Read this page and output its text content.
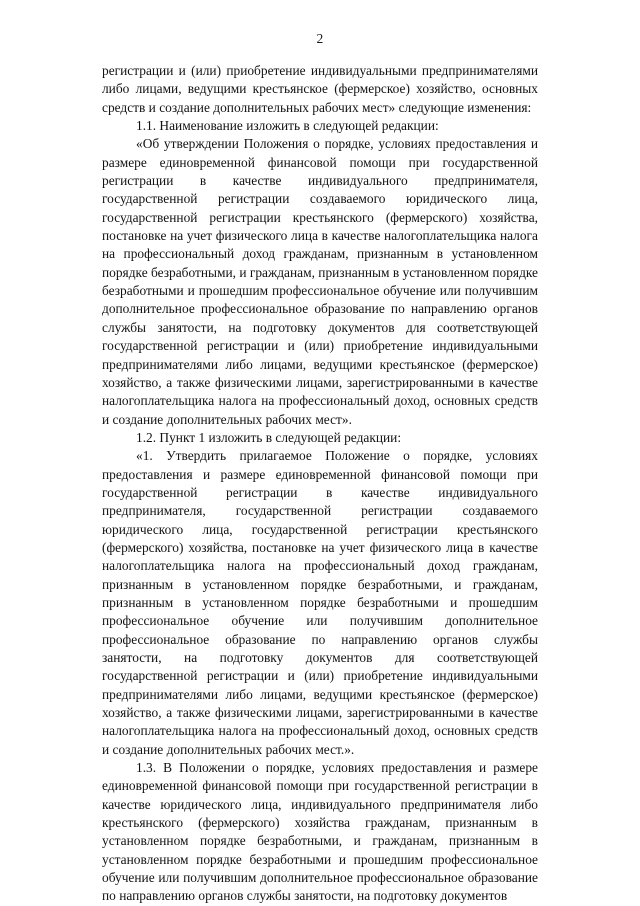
2

регистрации и (или) приобретение индивидуальными предпринимателями либо лицами, ведущими крестьянское (фермерское) хозяйство, основных средств и создание дополнительных рабочих мест» следующие изменения:

1.1. Наименование изложить в следующей редакции:

«Об утверждении Положения о порядке, условиях предоставления и размере единовременной финансовой помощи при государственной регистрации в качестве индивидуального предпринимателя, государственной регистрации создаваемого юридического лица, государственной регистрации крестьянского (фермерского) хозяйства, постановке на учет физического лица в качестве налогоплательщика налога на профессиональный доход гражданам, признанным в установленном порядке безработными, и гражданам, признанным в установленном порядке безработными и прошедшим профессиональное обучение или получившим дополнительное профессиональное образование по направлению органов службы занятости, на подготовку документов для соответствующей государственной регистрации и (или) приобретение индивидуальными предпринимателями либо лицами, ведущими крестьянское (фермерское) хозяйство, а также физическими лицами, зарегистрированными в качестве налогоплательщика налога на профессиональный доход, основных средств и создание дополнительных рабочих мест».

1.2. Пункт 1 изложить в следующей редакции:

«1. Утвердить прилагаемое Положение о порядке, условиях предоставления и размере единовременной финансовой помощи при государственной регистрации в качестве индивидуального предпринимателя, государственной регистрации создаваемого юридического лица, государственной регистрации крестьянского (фермерского) хозяйства, постановке на учет физического лица в качестве налогоплательщика налога на профессиональный доход гражданам, признанным в установленном порядке безработными, и гражданам, признанным в установленном порядке безработными и прошедшим профессиональное обучение или получившим дополнительное профессиональное образование по направлению органов службы занятости, на подготовку документов для соответствующей государственной регистрации и (или) приобретение индивидуальными предпринимателями либо лицами, ведущими крестьянское (фермерское) хозяйство, а также физическими лицами, зарегистрированными в качестве налогоплательщика налога на профессиональный доход, основных средств и создание дополнительных рабочих мест.».

1.3. В Положении о порядке, условиях предоставления и размере единовременной финансовой помощи при государственной регистрации в качестве юридического лица, индивидуального предпринимателя либо крестьянского (фермерского) хозяйства гражданам, признанным в установленном порядке безработными, и гражданам, признанным в установленном порядке безработными и прошедшим профессиональное обучение или получившим дополнительное профессиональное образование по направлению органов службы занятости, на подготовку документов
